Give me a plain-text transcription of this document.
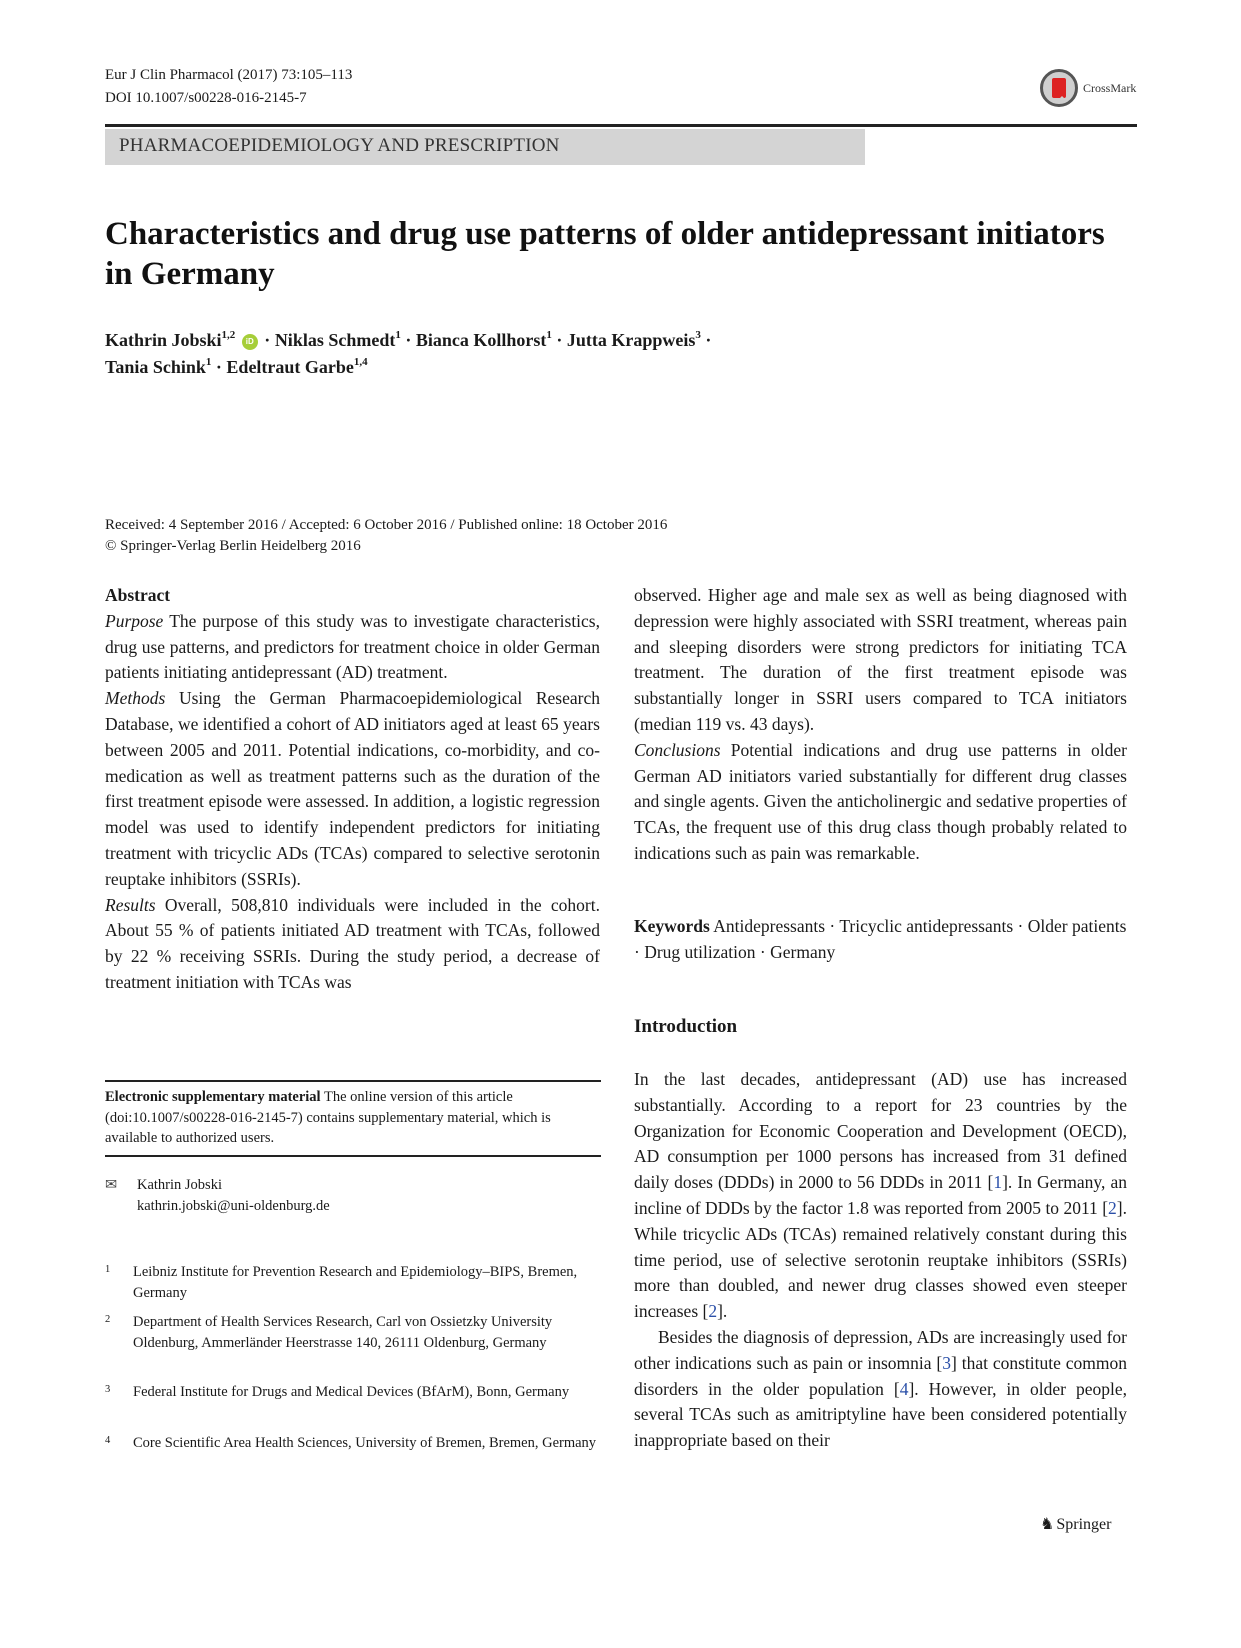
Eur J Clin Pharmacol (2017) 73:105–113
DOI 10.1007/s00228-016-2145-7
CrossMark
PHARMACOEPIDEMIOLOGY AND PRESCRIPTION
Characteristics and drug use patterns of older antidepressant initiators in Germany
Kathrin Jobski$^{1,2}$ iD · Niklas Schmedt$^1$ · Bianca Kollhorst$^1$ · Jutta Krappweis$^3$ ·
Tania Schink$^1$ · Edeltraut Garbe$^{1,4}$
Received: 4 September 2016 / Accepted: 6 October 2016 / Published online: 18 October 2016
© Springer-Verlag Berlin Heidelberg 2016

Abstract

Purpose The purpose of this study was to investigate characteristics, drug use patterns, and predictors for treatment choice in older German patients initiating antidepressant (AD) treatment.

Methods Using the German Pharmacoepidemiological Research Database, we identified a cohort of AD initiators aged at least 65 years between 2005 and 2011. Potential indications, co-morbidity, and co-medication as well as treatment patterns such as the duration of the first treatment episode were assessed. In addition, a logistic regression model was used to identify independent predictors for initiating treatment with tricyclic ADs (TCAs) compared to selective serotonin reuptake inhibitors (SSRIs).

Results Overall, 508,810 individuals were included in the cohort. About 55 % of patients initiated AD treatment with TCAs, followed by 22 % receiving SSRIs. During the study period, a decrease of treatment initiation with TCAs was

observed. Higher age and male sex as well as being diagnosed with depression were highly associated with SSRI treatment, whereas pain and sleeping disorders were strong predictors for initiating TCA treatment. The duration of the first treatment episode was substantially longer in SSRI users compared to TCA initiators (median 119 vs. 43 days).

Conclusions Potential indications and drug use patterns in older German AD initiators varied substantially for different drug classes and single agents. Given the anticholinergic and sedative properties of TCAs, the frequent use of this drug class though probably related to indications such as pain was remarkable.

Keywords Antidepressants · Tricyclic antidepressants · Older patients · Drug utilization · Germany
Introduction

In the last decades, antidepressant (AD) use has increased substantially. According to a report for 23 countries by the Organization for Economic Cooperation and Development (OECD), AD consumption per 1000 persons has increased from 31 defined daily doses (DDDs) in 2000 to 56 DDDs in 2011 [1]. In Germany, an incline of DDDs by the factor 1.8 was reported from 2005 to 2011 [2]. While tricyclic ADs (TCAs) remained relatively constant during this time period, use of selective serotonin reuptake inhibitors (SSRIs) more than doubled, and newer drug classes showed even steeper increases [2].

Besides the diagnosis of depression, ADs are increasingly used for other indications such as pain or insomnia [3] that constitute common disorders in the older population [4]. However, in older people, several TCAs such as amitriptyline have been considered potentially inappropriate based on their

Electronic supplementary material The online version of this article (doi:10.1007/s00228-016-2145-7) contains supplementary material, which is available to authorized users.
✉ Kathrin Jobski
kathrin.jobski@uni-oldenburg.de
1 Leibniz Institute for Prevention Research and Epidemiology–BIPS, Bremen, Germany
2 Department of Health Services Research, Carl von Ossietzky University Oldenburg, Ammerländer Heerstrasse 140, 26111 Oldenburg, Germany
3 Federal Institute for Drugs and Medical Devices (BfArM), Bonn, Germany
4 Core Scientific Area Health Sciences, University of Bremen, Bremen, Germany
♞ Springer
